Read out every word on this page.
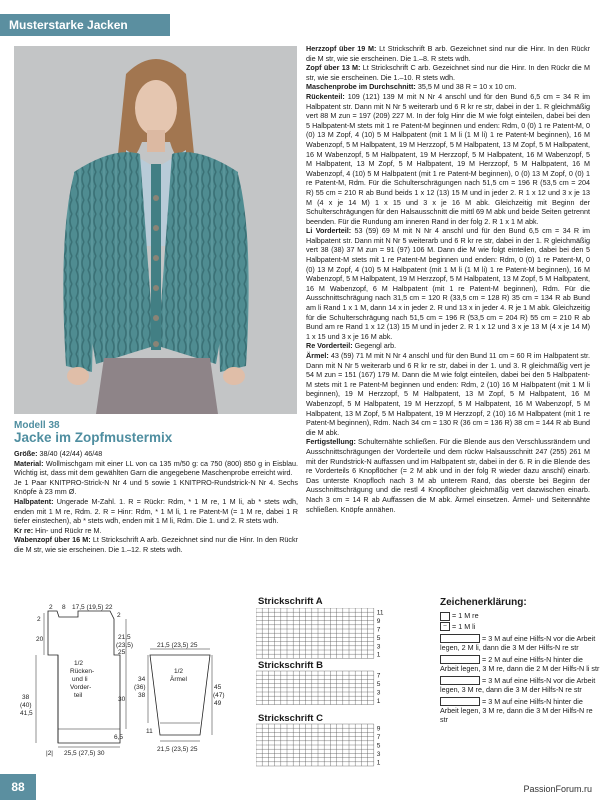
Musterstarke Jacken
Modell 38
Jacke im Zopfmustermix

Größe: 38/40 (42/44) 46/48

Material: Wollmischgarn mit einer LL von ca 135 m/50 g: ca 750 (800) 850 g in Eisblau. Wichtig ist, dass mit dem gewählten Garn die angegebene Maschenprobe erreicht wird.

Je 1 Paar KNITPRO-Strick-N Nr 4 und 5 sowie 1 KNITPRO-Rundstrick-N Nr 4. Sechs Knöpfe à 23 mm Ø.

Halbpatent: Ungerade M-Zahl. 1. R = Rückr: Rdm, * 1 M re, 1 M li, ab * stets wdh, enden mit 1 M re, Rdm. 2. R = Hinr: Rdm, * 1 M li, 1 re Patent-M (= 1 M re, dabei 1 R tiefer einstechen), ab * stets wdh, enden mit 1 M li, Rdm. Die 1. und 2. R stets wdh.

Kr re: Hin- und Rückr re M.

Wabenzopf über 16 M: Lt Strickschrift A arb. Gezeichnet sind nur die Hinr. In den Rückr die M str, wie sie erscheinen. Die 1.–12. R stets wdh.

Herzzopf über 19 M: Lt Strickschrift B arb. Gezeichnet sind nur die Hinr. In den Rückr die M str, wie sie erscheinen. Die 1.–8. R stets wdh.

Zopf über 13 M: Lt Strickschrift C arb. Gezeichnet sind nur die Hinr. In den Rückr die M str, wie sie erscheinen. Die 1.–10. R stets wdh.

Maschenprobe im Durchschnitt: 35,5 M und 38 R = 10 x 10 cm.

Rückenteil: 109 (121) 139 M mit N Nr 4 anschl und für den Bund 6,5 cm = 34 R im Halbpatent str. Dann mit N Nr 5 weiterarb und 6 R kr re str, dabei in der 1. R gleichmäßig vert 88 M zun = 197 (209) 227 M. In der folg Hinr die M wie folgt einteilen, dabei bei den 5 Halbpatent-M stets mit 1 re Patent-M beginnen und enden: Rdm, 0 (0) 1 re Patent-M, 0 (0) 13 M Zopf, 4 (10) 5 M Halbpatent (mit 1 M li (1 M li) 1 re Patent-M beginnen), 16 M Wabenzopf, 5 M Halbpatent, 19 M Herzzopf, 5 M Halbpatent, 13 M Zopf, 5 M Halbpatent, 16 M Wabenzopf, 5 M Halbpatent, 19 M Herzzopf, 5 M Halbpatent, 16 M Wabenzopf, 5 M Halbpatent, 13 M Zopf, 5 M Halbpatent, 19 M Herzzopf, 5 M Halbpatent, 16 M Wabenzopf, 4 (10) 5 M Halbpatent (mit 1 re Patent-M beginnen), 0 (0) 13 M Zopf, 0 (0) 1 re Patent-M, Rdm. Für die Schulterschrägungen nach 51,5 cm = 196 R (53,5 cm = 204 R) 55 cm = 210 R ab Bund beids 1 x 12 (13) 15 M und in jeder 2. R 1 x 12 und 3 x je 13 M (4 x je 14 M) 1 x 15 und 3 x je 16 M abk. Gleichzeitig mit Beginn der Schulterschrägungen für den Halsausschnitt die mittl 69 M abk und beide Seiten getrennt beenden. Für die Rundung am inneren Rand in der folg 2. R 1 x 1 M abk.

Li Vorderteil: 53 (59) 69 M mit N Nr 4 anschl und für den Bund 6,5 cm = 34 R im Halbpatent str. Dann mit N Nr 5 weiterarb und 6 R kr re str, dabei in der 1. R gleichmäßig vert 38 (38) 37 M zun = 91 (97) 106 M. Dann die M wie folgt einteilen, dabei bei den 5 Halbpatent-M stets mit 1 re Patent-M beginnen und enden: Rdm, 0 (0) 1 re Patent-M, 0 (0) 13 M Zopf, 4 (10) 5 M Halbpatent (mit 1 M li (1 M li) 1 re Patent-M beginnen), 16 M Wabenzopf, 5 M Halbpatent, 19 M Herzzopf, 5 M Halbpatent, 13 M Zopf, 5 M Halbpatent, 16 M Wabenzopf, 6 M Halbpatent (mit 1 re Patent-M beginnen), Rdm. Für die Ausschnittschrägung nach 31,5 cm = 120 R (33,5 cm = 128 R) 35 cm = 134 R ab Bund am li Rand 1 x 1 M, dann 14 x in jeder 2. R und 13 x in jeder 4. R je 1 M abk. Gleichzeitig für die Schulterschrägung nach 51,5 cm = 196 R (53,5 cm = 204 R) 55 cm = 210 R ab Bund am re Rand 1 x 12 (13) 15 M und in jeder 2. R 1 x 12 und 3 x je 13 M (4 x je 14 M) 1 x 15 und 3 x je 16 M abk.

Re Vorderteil: Gegengl arb.

Ärmel: 43 (59) 71 M mit N Nr 4 anschl und für den Bund 11 cm = 60 R im Halbpatent str. Dann mit N Nr 5 weiterarb und 6 R kr re str, dabei in der 1. und 3. R gleichmäßig vert je 54 M zun = 151 (167) 179 M. Dann die M wie folgt einteilen, dabei bei den 5 Halbpatent-M stets mit 1 re Patent-M beginnen und enden: Rdm, 2 (10) 16 M Halbpatent (mit 1 M li beginnen), 19 M Herzzopf, 5 M Halbpatent, 13 M Zopf, 5 M Halbpatent, 16 M Wabenzopf, 5 M Halbpatent, 19 M Herzzopf, 5 M Halbpatent, 16 M Wabenzopf, 5 M Halbpatent, 13 M Zopf, 5 M Halbpatent, 19 M Herzzopf, 2 (10) 16 M Halbpatent (mit 1 re Patent-M beginnen), Rdm. Nach 34 cm = 130 R (36 cm = 136 R) 38 cm = 144 R ab Bund die M abk.

Fertigstellung: Schulternähte schließen. Für die Blende aus den Verschlussrändern und Ausschnittschrägungen der Vorderteile und dem rückw Halsausschnitt 247 (255) 261 M mit der Rundstrick-N auffassen und im Halbpatent str, dabei in der 6. R in die Blende des re Vorderteils 6 Knopflöcher (= 2 M abk und in der folg R wieder dazu anschl) einarb. Das unterste Knopfloch nach 3 M ab unterem Rand, das oberste bei Beginn der Ausschnittschrägung und die restl 4 Knopflöcher gleichmäßig vert dazwischen einarb. Nach 3 cm = 14 R ab Auffassen die M abk. Ärmel einsetzen. Ärmel- und Seitennähte schließen. Knöpfe annähen.

2 8 17,5 (19,5) 22
2
2
20	21,5
(23,5)
25
38
(40)
41,5
30
6,5
|2| 25,5 (27,5) 30
1/2
Rücken-
und li
Vorder-
teil
21,5 (23,5) 25
1/2
Ärmel
34
(36)
38
45
(47)
49
11
21,5 (23,5) 25
Strickschrift A
Strickschrift B
Strickschrift C
11
9
7
5
3
1
7
5
3
1
9
7
5
3
1
Zeichenerklärung:
= 1 M re
– = 1 M li
= 3 M auf eine Hilfs-N vor die Arbeit legen, 2 M li, dann die 3 M der Hilfs-N re str
= 2 M auf eine Hilfs-N hinter die Arbeit legen, 3 M re, dann die 2 M der Hilfs-N li str
= 3 M auf eine Hilfs-N vor die Arbeit legen, 3 M re, dann die 3 M der Hilfs-N re str
= 3 M auf eine Hilfs-N hinter die Arbeit legen, 3 M re, dann die 3 M der Hilfs-N re str
88	PassionForum.ru
